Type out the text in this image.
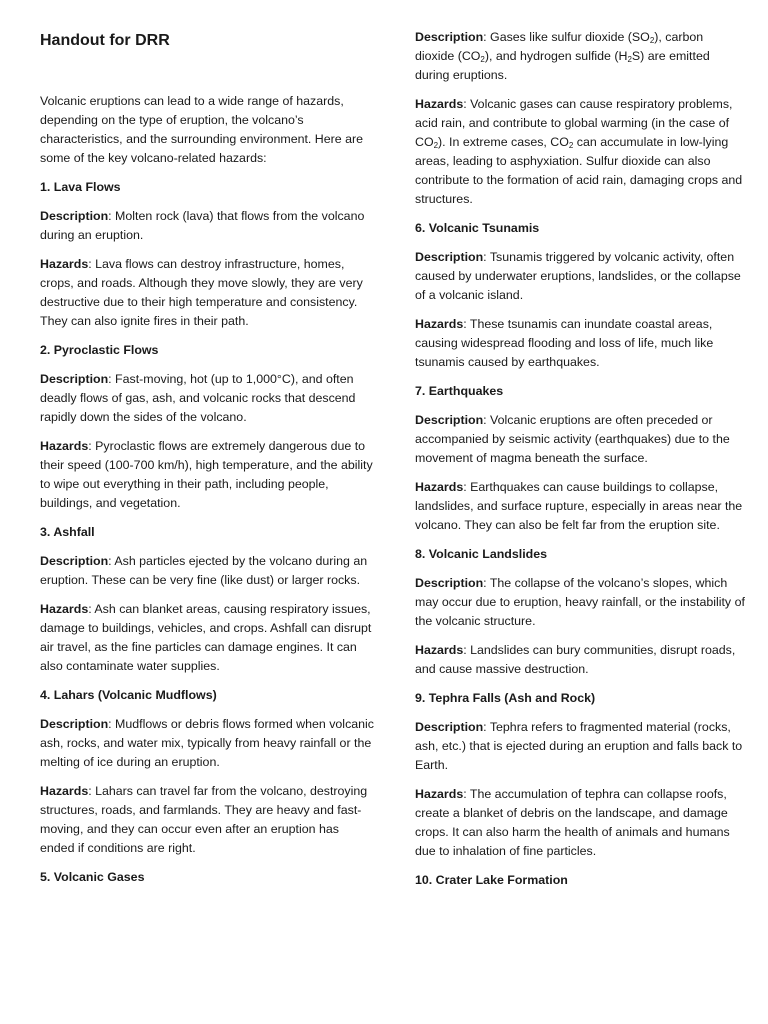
Handout for DRR

Volcanic eruptions can lead to a wide range of hazards, depending on the type of eruption, the volcano’s characteristics, and the surrounding environment. Here are some of the key volcano-related hazards:

1. Lava Flows

Description: Molten rock (lava) that flows from the volcano during an eruption.

Hazards: Lava flows can destroy infrastructure, homes, crops, and roads. Although they move slowly, they are very destructive due to their high temperature and consistency. They can also ignite fires in their path.

2. Pyroclastic Flows

Description: Fast-moving, hot (up to 1,000°C), and often deadly flows of gas, ash, and volcanic rocks that descend rapidly down the sides of the volcano.

Hazards: Pyroclastic flows are extremely dangerous due to their speed (100-700 km/h), high temperature, and the ability to wipe out everything in their path, including people, buildings, and vegetation.

3. Ashfall

Description: Ash particles ejected by the volcano during an eruption. These can be very fine (like dust) or larger rocks.

Hazards: Ash can blanket areas, causing respiratory issues, damage to buildings, vehicles, and crops. Ashfall can disrupt air travel, as the fine particles can damage engines. It can also contaminate water supplies.

4. Lahars (Volcanic Mudflows)

Description: Mudflows or debris flows formed when volcanic ash, rocks, and water mix, typically from heavy rainfall or the melting of ice during an eruption.

Hazards: Lahars can travel far from the volcano, destroying structures, roads, and farmlands. They are heavy and fast-moving, and they can occur even after an eruption has ended if conditions are right.

5. Volcanic Gases

Description: Gases like sulfur dioxide $(SO_2)$, carbon dioxide $(CO_2)$, and hydrogen sulfide $(H_2S)$ are emitted during eruptions.

Hazards: Volcanic gases can cause respiratory problems, acid rain, and contribute to global warming (in the case of $CO_2$). In extreme cases, $CO_2$ can accumulate in low-lying areas, leading to asphyxiation. Sulfur dioxide can also contribute to the formation of acid rain, damaging crops and structures.

6. Volcanic Tsunamis

Description: Tsunamis triggered by volcanic activity, often caused by underwater eruptions, landslides, or the collapse of a volcanic island.

Hazards: These tsunamis can inundate coastal areas, causing widespread flooding and loss of life, much like tsunamis caused by earthquakes.

7. Earthquakes

Description: Volcanic eruptions are often preceded or accompanied by seismic activity (earthquakes) due to the movement of magma beneath the surface.

Hazards: Earthquakes can cause buildings to collapse, landslides, and surface rupture, especially in areas near the volcano. They can also be felt far from the eruption site.

8. Volcanic Landslides

Description: The collapse of the volcano’s slopes, which may occur due to eruption, heavy rainfall, or the instability of the volcanic structure.

Hazards: Landslides can bury communities, disrupt roads, and cause massive destruction.

9. Tephra Falls (Ash and Rock)

Description: Tephra refers to fragmented material (rocks, ash, etc.) that is ejected during an eruption and falls back to Earth.

Hazards: The accumulation of tephra can collapse roofs, create a blanket of debris on the landscape, and damage crops. It can also harm the health of animals and humans due to inhalation of fine particles.

10. Crater Lake Formation
